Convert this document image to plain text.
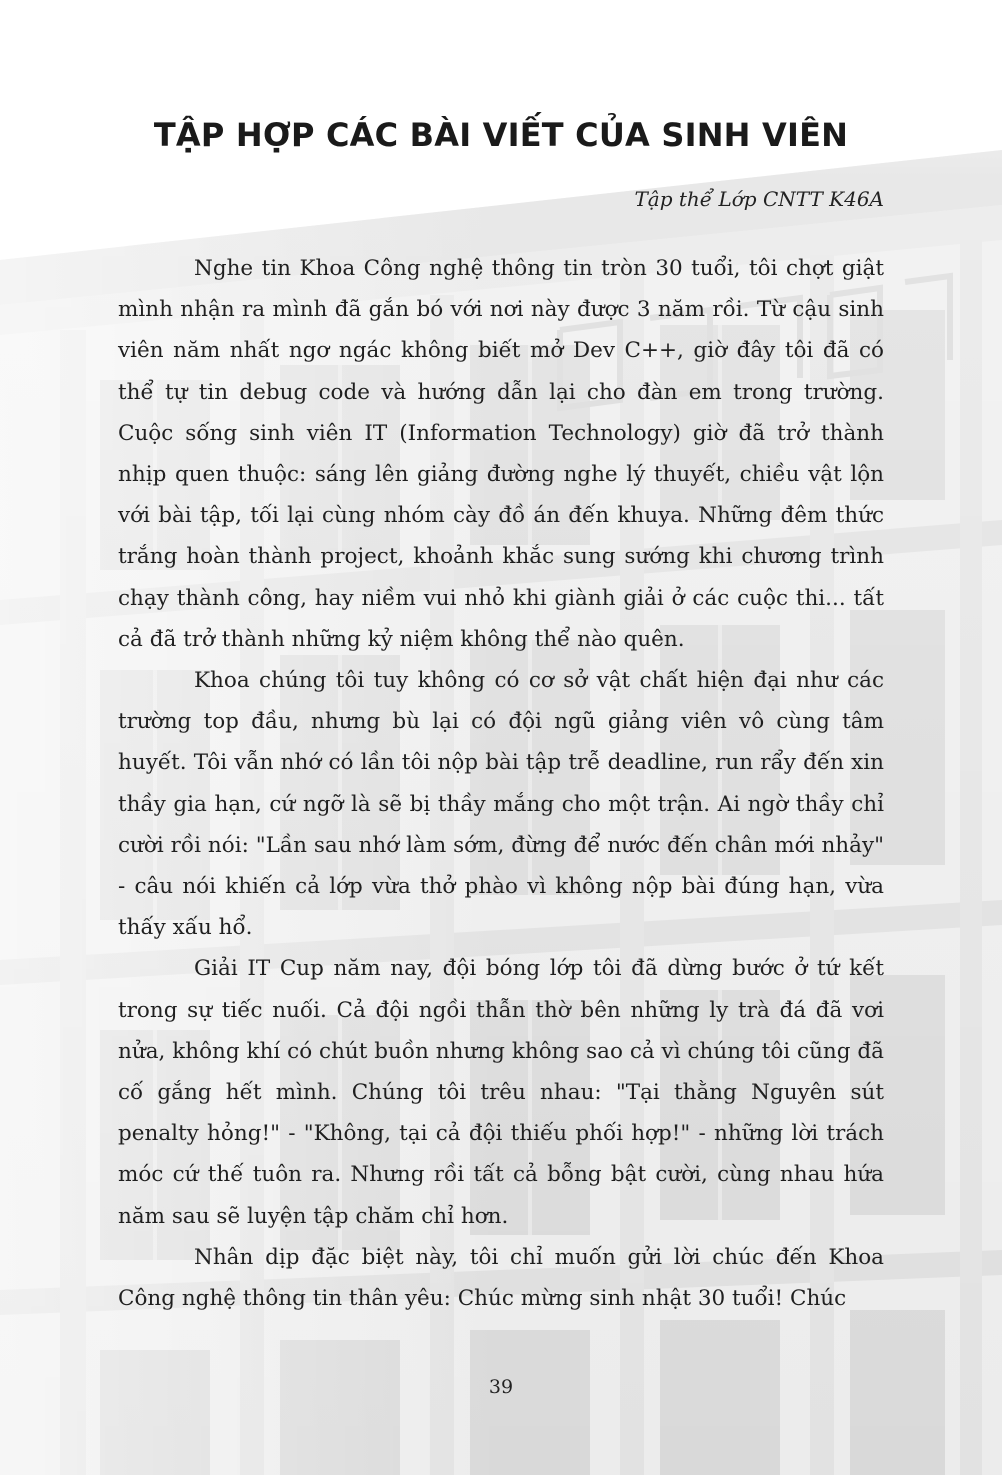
TẬP HỢP CÁC BÀI VIẾT CỦA SINH VIÊN

Tập thể Lớp CNTT K46A

Nghe tin Khoa Công nghệ thông tin tròn 30 tuổi, tôi chợt giật mình nhận ra mình đã gắn bó với nơi này được 3 năm rồi. Từ cậu sinh viên năm nhất ngơ ngác không biết mở Dev C++, giờ đây tôi đã có thể tự tin debug code và hướng dẫn lại cho đàn em trong trường. Cuộc sống sinh viên IT (Information Technology) giờ đã trở thành nhịp quen thuộc: sáng lên giảng đường nghe lý thuyết, chiều vật lộn với bài tập, tối lại cùng nhóm cày đồ án đến khuya. Những đêm thức trắng hoàn thành project, khoảnh khắc sung sướng khi chương trình chạy thành công, hay niềm vui nhỏ khi giành giải ở các cuộc thi... tất cả đã trở thành những kỷ niệm không thể nào quên.

Khoa chúng tôi tuy không có cơ sở vật chất hiện đại như các trường top đầu, nhưng bù lại có đội ngũ giảng viên vô cùng tâm huyết. Tôi vẫn nhớ có lần tôi nộp bài tập trễ deadline, run rẩy đến xin thầy gia hạn, cứ ngỡ là sẽ bị thầy mắng cho một trận. Ai ngờ thầy chỉ cười rồi nói: "Lần sau nhớ làm sớm, đừng để nước đến chân mới nhảy" - câu nói khiến cả lớp vừa thở phào vì không nộp bài đúng hạn, vừa thấy xấu hổ.

Giải IT Cup năm nay, đội bóng lớp tôi đã dừng bước ở tứ kết trong sự tiếc nuối. Cả đội ngồi thẫn thờ bên những ly trà đá đã vơi nửa, không khí có chút buồn nhưng không sao cả vì chúng tôi cũng đã cố gắng hết mình. Chúng tôi trêu nhau: "Tại thằng Nguyên sút penalty hỏng!" - "Không, tại cả đội thiếu phối hợp!" - những lời trách móc cứ thế tuôn ra. Nhưng rồi tất cả bỗng bật cười, cùng nhau hứa năm sau sẽ luyện tập chăm chỉ hơn.

Nhân dịp đặc biệt này, tôi chỉ muốn gửi lời chúc đến Khoa Công nghệ thông tin thân yêu: Chúc mừng sinh nhật 30 tuổi! Chúc

39
